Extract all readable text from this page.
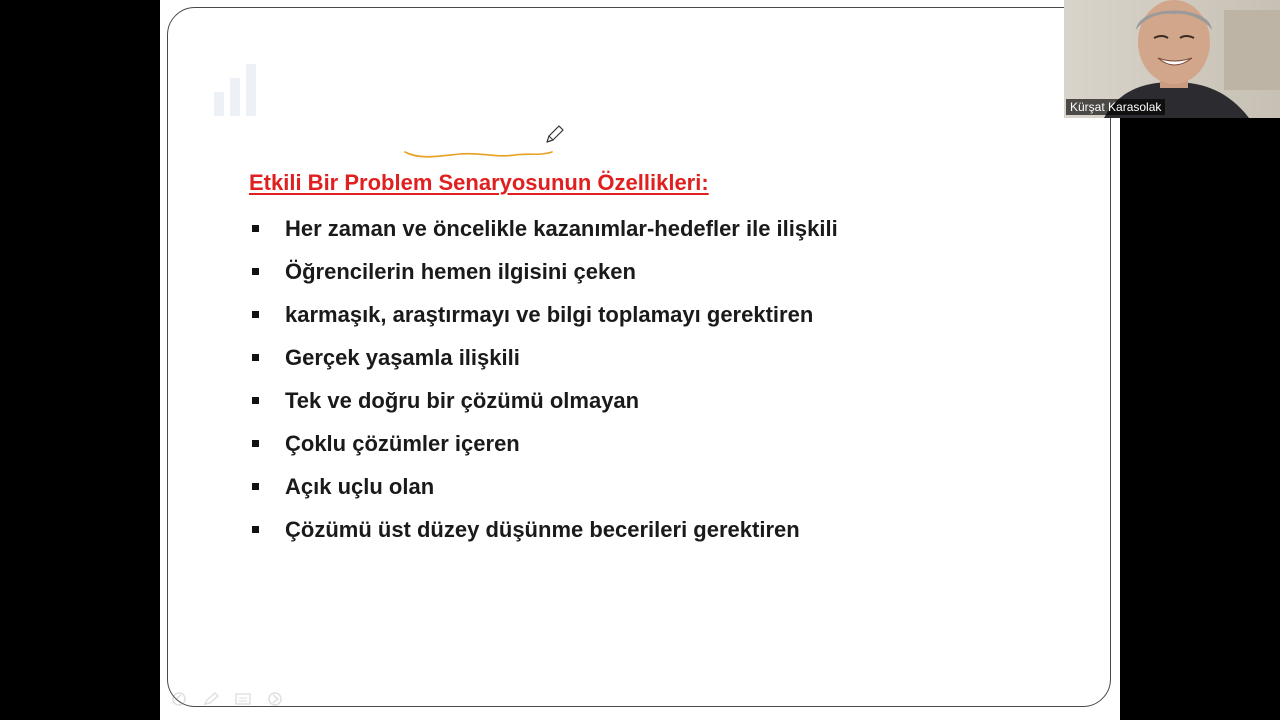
Etkili Bir Problem Senaryosunun Özellikleri:
Her zaman ve öncelikle kazanımlar-hedefler ile ilişkili
Öğrencilerin hemen ilgisini çeken
karmaşık, araştırmayı ve bilgi toplamayı gerektiren
Gerçek yaşamla ilişkili
Tek ve doğru bir çözümü olmayan
Çoklu çözümler içeren
Açık uçlu olan
Çözümü üst düzey düşünme becerileri gerektiren
Kürşat Karasolak
